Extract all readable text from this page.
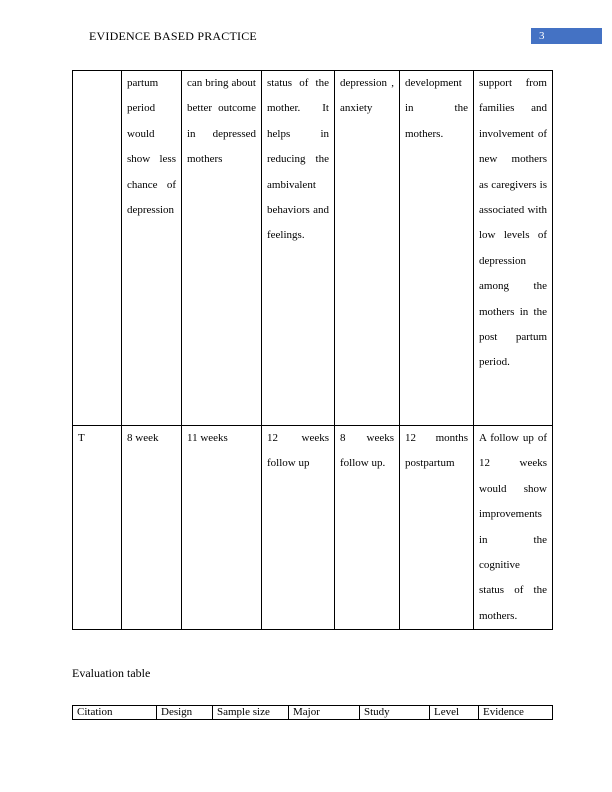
EVIDENCE BASED PRACTICE	3
	partum period would show less chance of depression	can bring about better outcome in depressed mothers	status of the mother. It helps in reducing the ambivalent behaviors and feelings.	depression , anxiety	development in the mothers.	support from families and involvement of new mothers as caregivers is associated with low levels of depression among the mothers in the post partum period.
T	8 week	11 weeks	12 weeks follow up	8 weeks follow up.	12 months postpartum	A follow up of 12 weeks would show improvements in the cognitive status of the mothers.
Evaluation table
Citation	Design	Sample size	Major	Study	Level	Evidence
